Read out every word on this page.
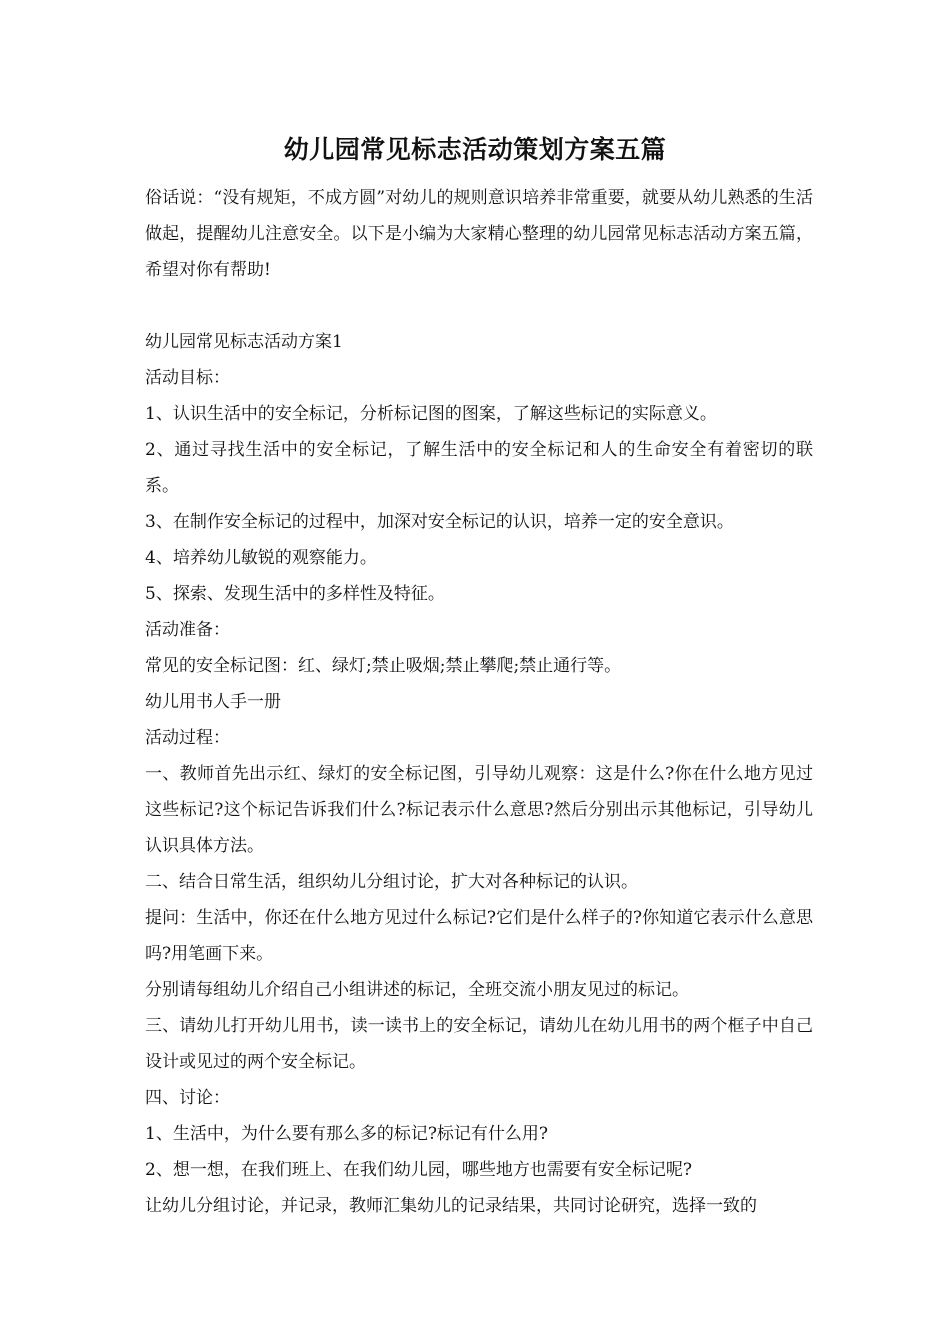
幼儿园常见标志活动策划方案五篇

俗话说：“没有规矩，不成方圆”对幼儿的规则意识培养非常重要，就要从幼儿熟悉的生活做起，提醒幼儿注意安全。以下是小编为大家精心整理的幼儿园常见标志活动方案五篇，希望对你有帮助!

幼儿园常见标志活动方案1

活动目标：

1、认识生活中的安全标记，分析标记图的图案，了解这些标记的实际意义。

2、通过寻找生活中的安全标记，了解生活中的安全标记和人的生命安全有着密切的联系。

3、在制作安全标记的过程中，加深对安全标记的认识，培养一定的安全意识。

4、培养幼儿敏锐的观察能力。

5、探索、发现生活中的多样性及特征。

活动准备：

常见的安全标记图：红、绿灯;禁止吸烟;禁止攀爬;禁止通行等。

幼儿用书人手一册

活动过程：

一、教师首先出示红、绿灯的安全标记图，引导幼儿观察：这是什么?你在什么地方见过这些标记?这个标记告诉我们什么?标记表示什么意思?然后分别出示其他标记，引导幼儿认识具体方法。

二、结合日常生活，组织幼儿分组讨论，扩大对各种标记的认识。

提问：生活中，你还在什么地方见过什么标记?它们是什么样子的?你知道它表示什么意思吗?用笔画下来。

分别请每组幼儿介绍自己小组讲述的标记，全班交流小朋友见过的标记。

三、请幼儿打开幼儿用书，读一读书上的安全标记，请幼儿在幼儿用书的两个框子中自己设计或见过的两个安全标记。

四、讨论：

1、生活中，为什么要有那么多的标记?标记有什么用?

2、想一想，在我们班上、在我们幼儿园，哪些地方也需要有安全标记呢?

让幼儿分组讨论，并记录，教师汇集幼儿的记录结果，共同讨论研究，选择一致的
